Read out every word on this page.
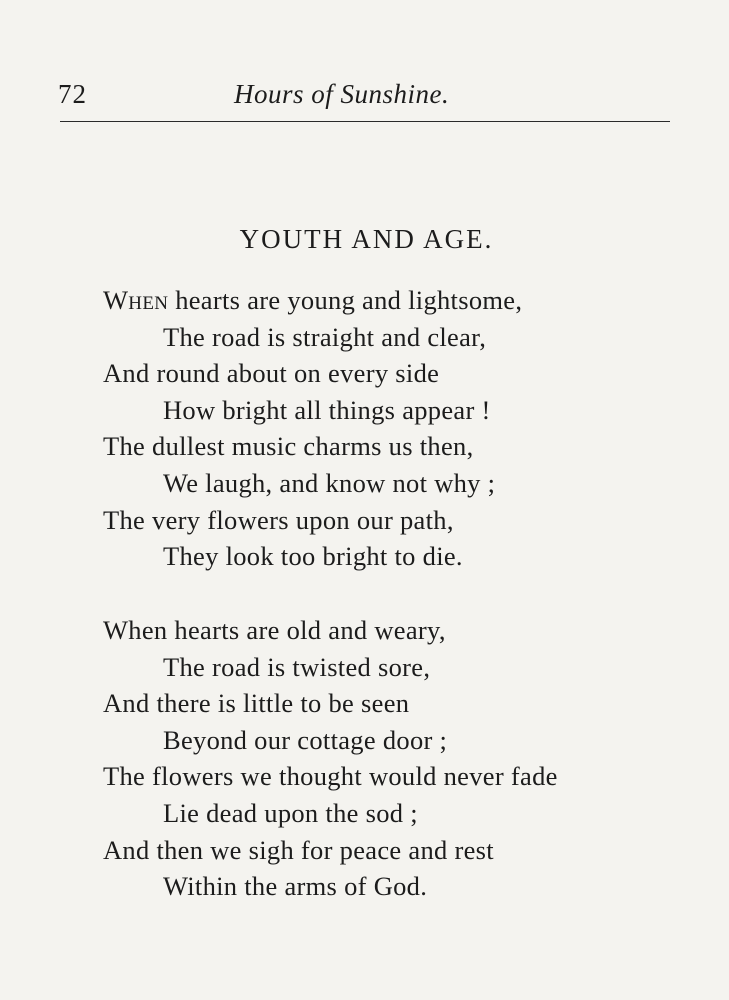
72	Hours of Sunshine.
YOUTH AND AGE.
When hearts are young and lightsome,
The road is straight and clear,
And round about on every side
How bright all things appear !
The dullest music charms us then,
We laugh, and know not why ;
The very flowers upon our path,
They look too bright to die.
When hearts are old and weary,
The road is twisted sore,
And there is little to be seen
Beyond our cottage door ;
The flowers we thought would never fade
Lie dead upon the sod ;
And then we sigh for peace and rest
Within the arms of God.
